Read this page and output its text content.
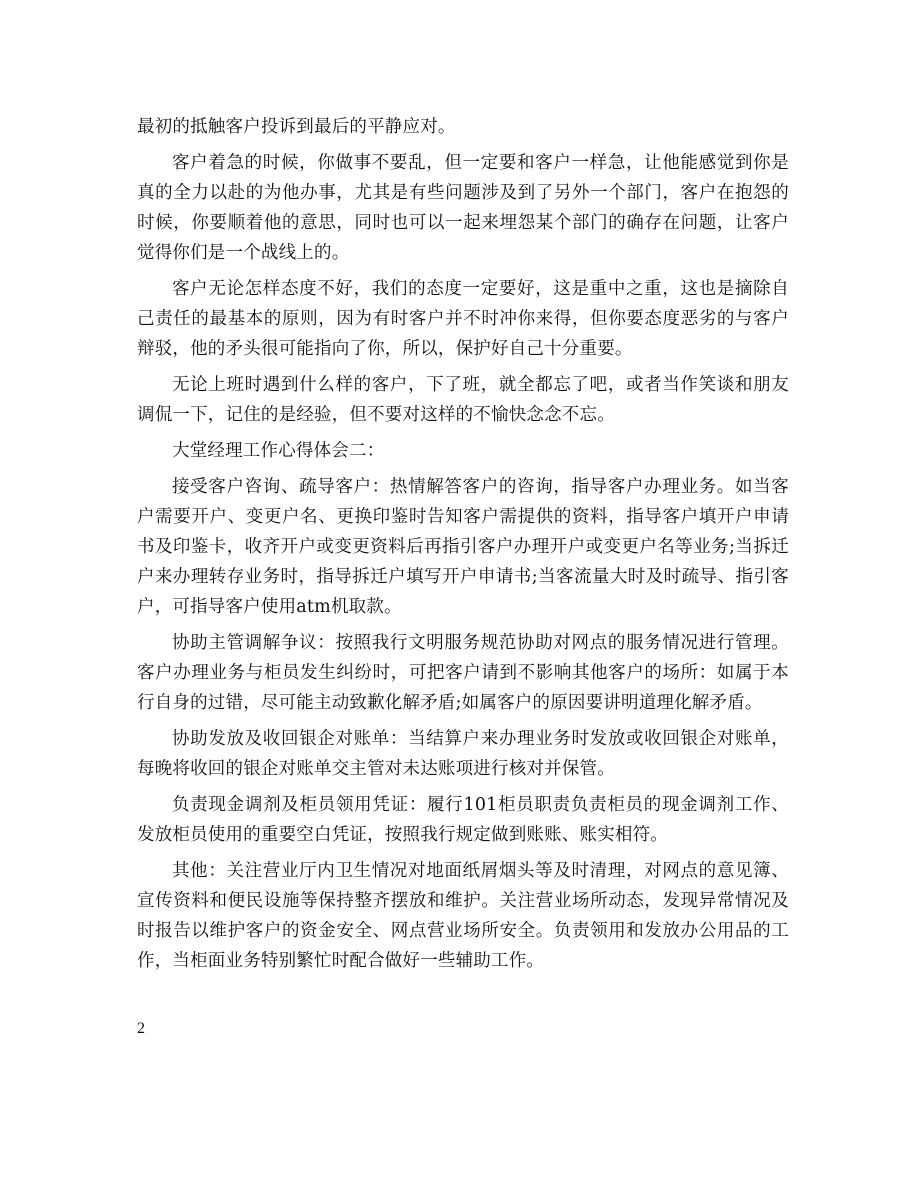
最初的抵触客户投诉到最后的平静应对。

客户着急的时候，你做事不要乱，但一定要和客户一样急，让他能感觉到你是真的全力以赴的为他办事，尤其是有些问题涉及到了另外一个部门，客户在抱怨的时候，你要顺着他的意思，同时也可以一起来埋怨某个部门的确存在问题，让客户觉得你们是一个战线上的。

客户无论怎样态度不好，我们的态度一定要好，这是重中之重，这也是摘除自己责任的最基本的原则，因为有时客户并不时冲你来得，但你要态度恶劣的与客户辩驳，他的矛头很可能指向了你，所以，保护好自己十分重要。

无论上班时遇到什么样的客户，下了班，就全都忘了吧，或者当作笑谈和朋友调侃一下，记住的是经验，但不要对这样的不愉快念念不忘。

大堂经理工作心得体会二：

接受客户咨询、疏导客户：热情解答客户的咨询，指导客户办理业务。如当客户需要开户、变更户名、更换印鉴时告知客户需提供的资料，指导客户填开户申请书及印鉴卡，收齐开户或变更资料后再指引客户办理开户或变更户名等业务;当拆迁户来办理转存业务时，指导拆迁户填写开户申请书;当客流量大时及时疏导、指引客户，可指导客户使用atm机取款。

协助主管调解争议：按照我行文明服务规范协助对网点的服务情况进行管理。客户办理业务与柜员发生纠纷时，可把客户请到不影响其他客户的场所：如属于本行自身的过错，尽可能主动致歉化解矛盾;如属客户的原因要讲明道理化解矛盾。

协助发放及收回银企对账单：当结算户来办理业务时发放或收回银企对账单，每晚将收回的银企对账单交主管对未达账项进行核对并保管。

负责现金调剂及柜员领用凭证：履行101柜员职责负责柜员的现金调剂工作、发放柜员使用的重要空白凭证，按照我行规定做到账账、账实相符。

其他：关注营业厅内卫生情况对地面纸屑烟头等及时清理，对网点的意见簿、宣传资料和便民设施等保持整齐摆放和维护。关注营业场所动态，发现异常情况及时报告以维护客户的资金安全、网点营业场所安全。负责领用和发放办公用品的工作，当柜面业务特别繁忙时配合做好一些辅助工作。

2
